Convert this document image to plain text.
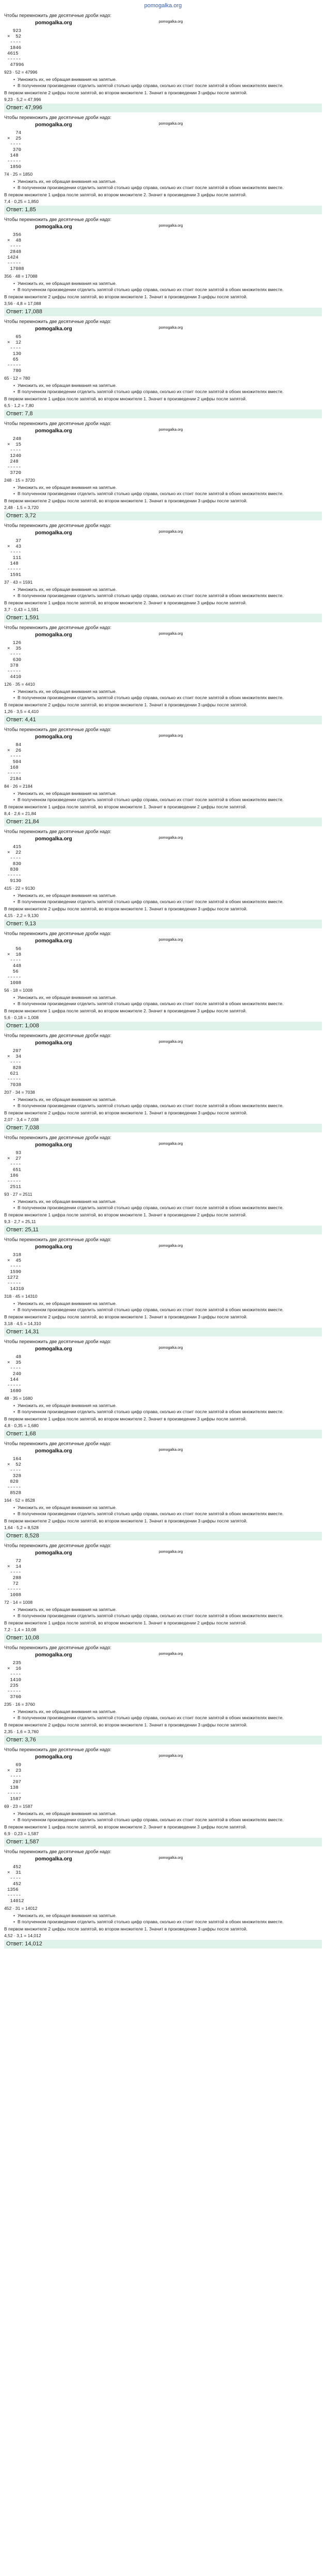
pomogalka.org
Чтобы перемножить две десятичные дроби надо:
pomogalka.org	pomogalka.org
923
×  52
----
1846
4615
-----
47996
923 · 52 = 47996
• Умножить их, не обращая внимания на запятые.
• В полученном произведении отделить запятой столько цифр справа, сколько их стоит после запятой в обоих множителях вместе.
В первом множителе 2 цифры после запятой, во втором множителе 1. Значит в произведении 3 цифры после запятой.
9,23 · 5,2 = 47,996
Ответ: 47,996
Чтобы перемножить две десятичные дроби надо:
pomogalka.org	pomogalka.org
74
×  25
----
370
148
-----
1850
74 · 25 = 1850
• Умножить их, не обращая внимания на запятые.
• В полученном произведении отделить запятой столько цифр справа, сколько их стоит после запятой в обоих множителях вместе.
В первом множителе 1 цифра после запятой, во втором множителе 2. Значит в произведении 3 цифры после запятой.
7,4 · 0,25 = 1,850
Ответ: 1,85
Чтобы перемножить две десятичные дроби надо:
pomogalka.org	pomogalka.org
356
×  48
----
2848
1424
-----
17088
356 · 48 = 17088
• Умножить их, не обращая внимания на запятые.
• В полученном произведении отделить запятой столько цифр справа, сколько их стоит после запятой в обоих множителях вместе.
В первом множителе 2 цифры после запятой, во втором множителе 1. Значит в произведении 3 цифры после запятой.
3,56 · 4,8 = 17,088
Ответ: 17,088
Чтобы перемножить две десятичные дроби надо:
pomogalka.org	pomogalka.org
65
×  12
----
130
65
-----
780
65 · 12 = 780
• Умножить их, не обращая внимания на запятые.
• В полученном произведении отделить запятой столько цифр справа, сколько их стоит после запятой в обоих множителях вместе.
В первом множителе 1 цифра после запятой, во втором множителе 1. Значит в произведении 2 цифры после запятой.
6,5 · 1,2 = 7,80
Ответ: 7,8
Чтобы перемножить две десятичные дроби надо:
pomogalka.org	pomogalka.org
248
×  15
----
1240
248
-----
3720
248 · 15 = 3720
• Умножить их, не обращая внимания на запятые.
• В полученном произведении отделить запятой столько цифр справа, сколько их стоит после запятой в обоих множителях вместе.
В первом множителе 2 цифры после запятой, во втором множителе 1. Значит в произведении 3 цифры после запятой.
2,48 · 1,5 = 3,720
Ответ: 3,72
Чтобы перемножить две десятичные дроби надо:
pomogalka.org	pomogalka.org
37
×  43
----
111
148
-----
1591
37 · 43 = 1591
• Умножить их, не обращая внимания на запятые.
• В полученном произведении отделить запятой столько цифр справа, сколько их стоит после запятой в обоих множителях вместе.
В первом множителе 1 цифра после запятой, во втором множителе 2. Значит в произведении 3 цифры после запятой.
3,7 · 0,43 = 1,591
Ответ: 1,591
Чтобы перемножить две десятичные дроби надо:
pomogalka.org	pomogalka.org
126
×  35
----
630
378
-----
4410
126 · 35 = 4410
• Умножить их, не обращая внимания на запятые.
• В полученном произведении отделить запятой столько цифр справа, сколько их стоит после запятой в обоих множителях вместе.
В первом множителе 2 цифры после запятой, во втором множителе 1. Значит в произведении 3 цифры после запятой.
1,26 · 3,5 = 4,410
Ответ: 4,41
Чтобы перемножить две десятичные дроби надо:
pomogalka.org	pomogalka.org
84
×  26
----
504
168
-----
2184
84 · 26 = 2184
• Умножить их, не обращая внимания на запятые.
• В полученном произведении отделить запятой столько цифр справа, сколько их стоит после запятой в обоих множителях вместе.
В первом множителе 1 цифра после запятой, во втором множителе 1. Значит в произведении 2 цифры после запятой.
8,4 · 2,6 = 21,84
Ответ: 21,84
Чтобы перемножить две десятичные дроби надо:
pomogalka.org	pomogalka.org
415
×  22
----
830
830
-----
9130
415 · 22 = 9130
• Умножить их, не обращая внимания на запятые.
• В полученном произведении отделить запятой столько цифр справа, сколько их стоит после запятой в обоих множителях вместе.
В первом множителе 2 цифры после запятой, во втором множителе 1. Значит в произведении 3 цифры после запятой.
4,15 · 2,2 = 9,130
Ответ: 9,13
Чтобы перемножить две десятичные дроби надо:
pomogalka.org	pomogalka.org
56
×  18
----
448
56
-----
1008
56 · 18 = 1008
• Умножить их, не обращая внимания на запятые.
• В полученном произведении отделить запятой столько цифр справа, сколько их стоит после запятой в обоих множителях вместе.
В первом множителе 1 цифра после запятой, во втором множителе 2. Значит в произведении 3 цифры после запятой.
5,6 · 0,18 = 1,008
Ответ: 1,008
Чтобы перемножить две десятичные дроби надо:
pomogalka.org	pomogalka.org
207
×  34
----
828
621
-----
7038
207 · 34 = 7038
• Умножить их, не обращая внимания на запятые.
• В полученном произведении отделить запятой столько цифр справа, сколько их стоит после запятой в обоих множителях вместе.
В первом множителе 2 цифры после запятой, во втором множителе 1. Значит в произведении 3 цифры после запятой.
2,07 · 3,4 = 7,038
Ответ: 7,038
Чтобы перемножить две десятичные дроби надо:
pomogalka.org	pomogalka.org
93
×  27
----
651
186
-----
2511
93 · 27 = 2511
• Умножить их, не обращая внимания на запятые.
• В полученном произведении отделить запятой столько цифр справа, сколько их стоит после запятой в обоих множителях вместе.
В первом множителе 1 цифра после запятой, во втором множителе 1. Значит в произведении 2 цифры после запятой.
9,3 · 2,7 = 25,11
Ответ: 25,11
Чтобы перемножить две десятичные дроби надо:
pomogalka.org	pomogalka.org
318
×  45
----
1590
1272
-----
14310
318 · 45 = 14310
• Умножить их, не обращая внимания на запятые.
• В полученном произведении отделить запятой столько цифр справа, сколько их стоит после запятой в обоих множителях вместе.
В первом множителе 2 цифры после запятой, во втором множителе 1. Значит в произведении 3 цифры после запятой.
3,18 · 4,5 = 14,310
Ответ: 14,31
Чтобы перемножить две десятичные дроби надо:
pomogalka.org	pomogalka.org
48
×  35
----
240
144
-----
1680
48 · 35 = 1680
• Умножить их, не обращая внимания на запятые.
• В полученном произведении отделить запятой столько цифр справа, сколько их стоит после запятой в обоих множителях вместе.
В первом множителе 1 цифра после запятой, во втором множителе 2. Значит в произведении 3 цифры после запятой.
4,8 · 0,35 = 1,680
Ответ: 1,68
Чтобы перемножить две десятичные дроби надо:
pomogalka.org	pomogalka.org
164
×  52
----
328
820
-----
8528
164 · 52 = 8528
• Умножить их, не обращая внимания на запятые.
• В полученном произведении отделить запятой столько цифр справа, сколько их стоит после запятой в обоих множителях вместе.
В первом множителе 2 цифры после запятой, во втором множителе 1. Значит в произведении 3 цифры после запятой.
1,64 · 5,2 = 8,528
Ответ: 8,528
Чтобы перемножить две десятичные дроби надо:
pomogalka.org	pomogalka.org
72
×  14
----
288
72
-----
1008
72 · 14 = 1008
• Умножить их, не обращая внимания на запятые.
• В полученном произведении отделить запятой столько цифр справа, сколько их стоит после запятой в обоих множителях вместе.
В первом множителе 1 цифра после запятой, во втором множителе 1. Значит в произведении 2 цифры после запятой.
7,2 · 1,4 = 10,08
Ответ: 10,08
Чтобы перемножить две десятичные дроби надо:
pomogalka.org	pomogalka.org
235
×  16
----
1410
235
-----
3760
235 · 16 = 3760
• Умножить их, не обращая внимания на запятые.
• В полученном произведении отделить запятой столько цифр справа, сколько их стоит после запятой в обоих множителях вместе.
В первом множителе 2 цифры после запятой, во втором множителе 1. Значит в произведении 3 цифры после запятой.
2,35 · 1,6 = 3,760
Ответ: 3,76
Чтобы перемножить две десятичные дроби надо:
pomogalka.org	pomogalka.org
69
×  23
----
207
138
-----
1587
69 · 23 = 1587
• Умножить их, не обращая внимания на запятые.
• В полученном произведении отделить запятой столько цифр справа, сколько их стоит после запятой в обоих множителях вместе.
В первом множителе 1 цифра после запятой, во втором множителе 2. Значит в произведении 3 цифры после запятой.
6,9 · 0,23 = 1,587
Ответ: 1,587
Чтобы перемножить две десятичные дроби надо:
pomogalka.org	pomogalka.org
452
×  31
----
452
1356
-----
14012
452 · 31 = 14012
• Умножить их, не обращая внимания на запятые.
• В полученном произведении отделить запятой столько цифр справа, сколько их стоит после запятой в обоих множителях вместе.
В первом множителе 2 цифры после запятой, во втором множителе 1. Значит в произведении 3 цифры после запятой.
4,52 · 3,1 = 14,012
Ответ: 14,012
